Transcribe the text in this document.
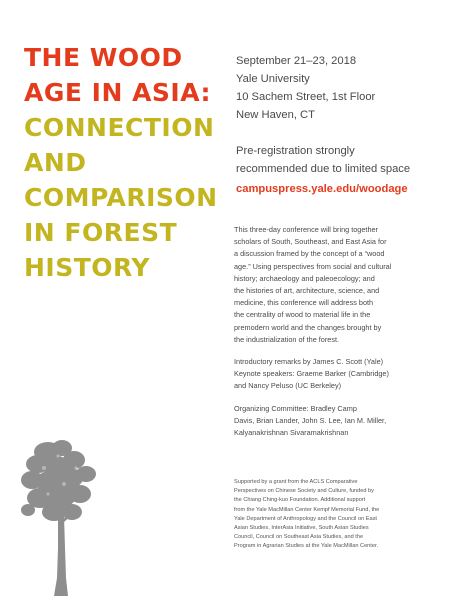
THE WOOD
AGE IN ASIA:
CONNECTION
AND
COMPARISON
IN FOREST
HISTORY
September 21–23, 2018
Yale University
10 Sachem Street, 1st Floor
New Haven, CT
Pre-registration strongly
recommended due to limited space
campuspress.yale.edu/woodage
This three-day conference will bring together
scholars of South, Southeast, and East Asia for
a discussion framed by the concept of a “wood
age.” Using perspectives from social and cultural
history; archaeology and paleoecology; and
the histories of art, architecture, science, and
medicine, this conference will address both
the centrality of wood to material life in the
premodern world and the changes brought by
the industrialization of the forest.
Introductory remarks by James C. Scott (Yale)
Keynote speakers: Graeme Barker (Cambridge)
and Nancy Peluso (UC Berkeley)
Organizing Committee: Bradley Camp
Davis, Brian Lander, John S. Lee, Ian M. Miller,
Kalyanakrishnan Sivaramakrishnan
Supported by a grant from the ACLS Comparative
Perspectives on Chinese Society and Culture, funded by
the Chiang Ching-kuo Foundation. Additional support
from the Yale MacMillan Center Kempf Memorial Fund, the
Yale Department of Anthropology and the Council on East
Asian Studies, InterAsia Initiative, South Asian Studies
Council, Council on Southeast Asia Studies, and the
Program in Agrarian Studies at the Yale MacMillan Center.
